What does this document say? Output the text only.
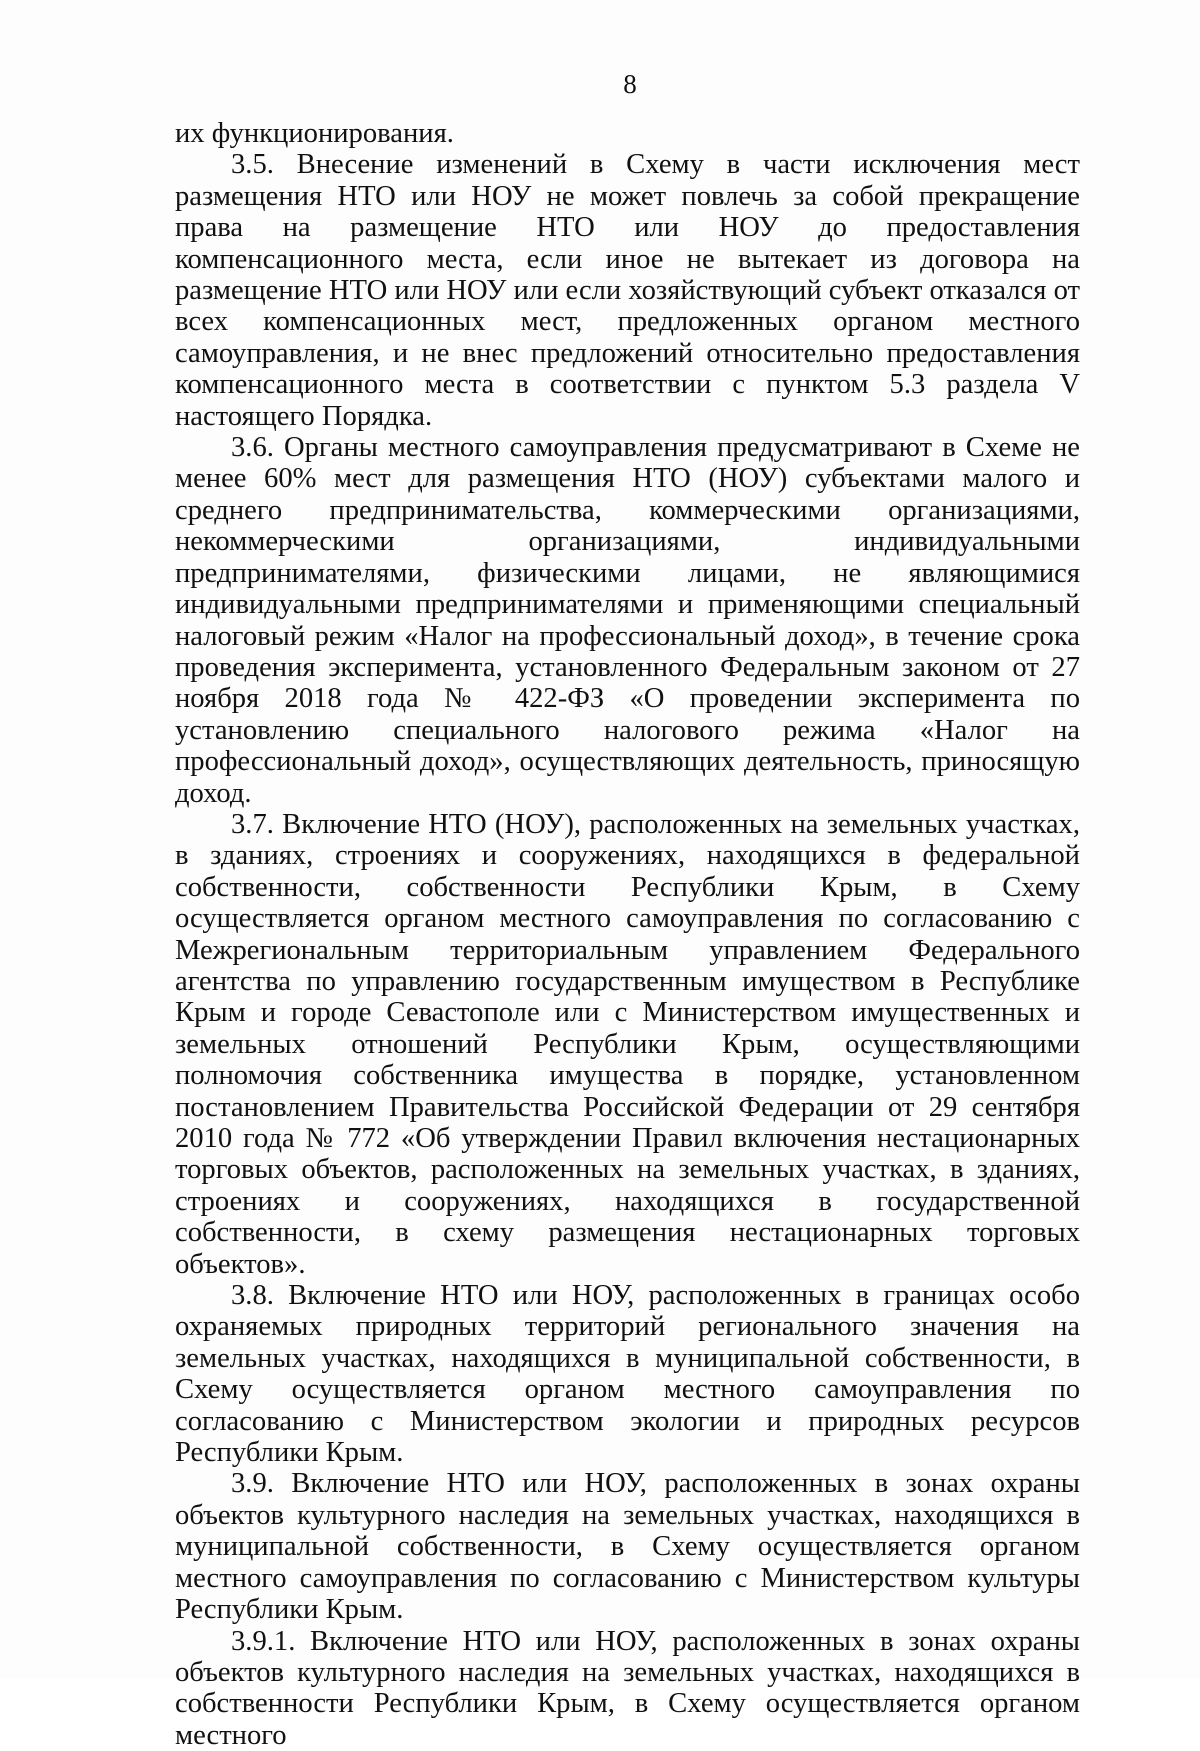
8

их функционирования.

3.5. Внесение изменений в Схему в части исключения мест размещения НТО или НОУ не может повлечь за собой прекращение права на размещение НТО или НОУ до предоставления компенсационного места, если иное не вытекает из договора на размещение НТО или НОУ или если хозяйствующий субъект отказался от всех компенсационных мест, предложенных органом местного самоуправления, и не внес предложений относительно предоставления компенсационного места в соответствии с пунктом 5.3 раздела V настоящего Порядка.

3.6. Органы местного самоуправления предусматривают в Схеме не менее 60% мест для размещения НТО (НОУ) субъектами малого и среднего предпринимательства, коммерческими организациями, некоммерческими организациями, индивидуальными предпринимателями, физическими лицами, не являющимися индивидуальными предпринимателями и применяющими специальный налоговый режим «Налог на профессиональный доход», в течение срока проведения эксперимента, установленного Федеральным законом от 27 ноября 2018 года № 422-ФЗ «О проведении эксперимента по установлению специального налогового режима «Налог на профессиональный доход», осуществляющих деятельность, приносящую доход.

3.7. Включение НТО (НОУ), расположенных на земельных участках, в зданиях, строениях и сооружениях, находящихся в федеральной собственности, собственности Республики Крым, в Схему осуществляется органом местного самоуправления по согласованию с Межрегиональным территориальным управлением Федерального агентства по управлению государственным имуществом в Республике Крым и городе Севастополе или с Министерством имущественных и земельных отношений Республики Крым, осуществляющими полномочия собственника имущества в порядке, установленном постановлением Правительства Российской Федерации от 29 сентября 2010 года № 772 «Об утверждении Правил включения нестационарных торговых объектов, расположенных на земельных участках, в зданиях, строениях и сооружениях, находящихся в государственной собственности, в схему размещения нестационарных торговых объектов».

3.8. Включение НТО или НОУ, расположенных в границах особо охраняемых природных территорий регионального значения на земельных участках, находящихся в муниципальной собственности, в Схему осуществляется органом местного самоуправления по согласованию с Министерством экологии и природных ресурсов Республики Крым.

3.9. Включение НТО или НОУ, расположенных в зонах охраны объектов культурного наследия на земельных участках, находящихся в муниципальной собственности, в Схему осуществляется органом местного самоуправления по согласованию с Министерством культуры Республики Крым.

3.9.1. Включение НТО или НОУ, расположенных в зонах охраны объектов культурного наследия на земельных участках, находящихся в собственности Республики Крым, в Схему осуществляется органом местного
